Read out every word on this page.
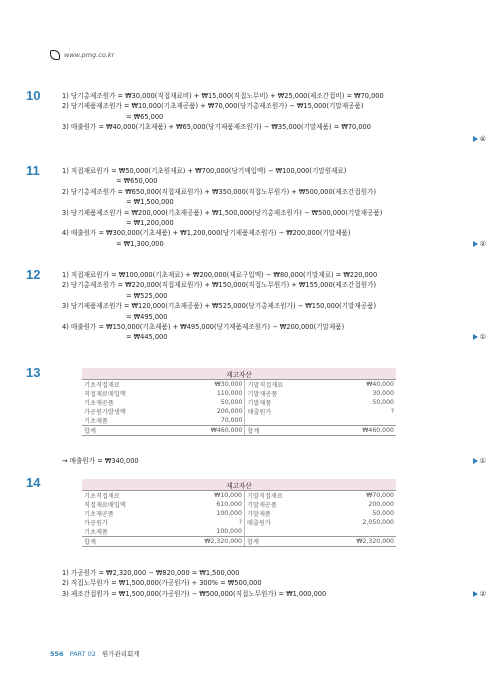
www.pmg.co.kr
10	1) 당기총제조원가 = ₩30,000(직접재료비) + ₩15,000(직접노무비) + ₩25,000(제조간접비) = ₩70,000
2) 당기제품제조원가 = ₩10,000(기초재공품) + ₩70,000(당기총제조원가) − ₩15,000(기말재공품)
= ₩65,000
3) 매출원가 = ₩40,000(기초제품) + ₩65,000(당기제품제조원가) − ₩35,000(기말제품) = ₩70,000
④

11	1) 직접재료원가 = ₩50,000(기초원재료) + ₩700,000(당기매입액) − ₩100,000(기말원재료)
= ₩650,000
2) 당기총제조원가 = ₩650,000(직접재료원가) + ₩350,000(직접노무원가) + ₩500,000(제조간접원가)
= ₩1,500,000
3) 당기제품제조원가 = ₩200,000(기초재공품) + ₩1,500,000(당기총제조원가) − ₩500,000(기말재공품)
= ₩1,200,000
4) 매출원가 = ₩300,000(기초제품) + ₩1,200,000(당기제품제조원가) − ₩200,000(기말제품)
= ₩1,300,000	②
12	1) 직접재료원가 = ₩100,000(기초재료) + ₩200,000(재료구입액) − ₩80,000(기말재료) = ₩220,000
2) 당기총제조원가 = ₩220,000(직접재료원가) + ₩150,000(직접노무원가) + ₩155,000(제조간접원가)
= ₩525,000
3) 당기제품제조원가 = ₩120,000(기초재공품) + ₩525,000(당기총제조원가) − ₩150,000(기말재공품)
= ₩495,000
4) 매출원가 = ₩150,000(기초제품) + ₩495,000(당기제품제조원가) − ₩200,000(기말제품)
= ₩445,000	①
13	재고자산			
기초직접재료	₩30,000	기말직접재료	₩40,000
직접재료매입액	110,000	기말재공품	30,000
기초재공품	50,000	기말제품	50,000
가공원가발생액	200,000	매출원가	?
기초제품	70,000		
합계	₩460,000	합계	₩460,000
→ 매출원가 = ₩340,000	①
14	재고자산			
기초직접재료	₩10,000	기말직접재료	₩70,000
직접재료매입액	610,000	기말재공품	200,000
기초재공품	100,000	기말제품	50,000
가공원가	?	매출원가	2,050,000
기초제품	100,000		
합계	₩2,320,000	합계	₩2,320,000
1) 가공원가 = ₩2,320,000 − ₩820,000 = ₩1,500,000
2) 직접노무원가 = ₩1,500,000(가공원가) ÷ 300% = ₩500,000
3) 제조간접원가 = ₩1,500,000(가공원가) − ₩500,000(직접노무원가) = ₩1,000,000	②
556 PART 02 원가관리회계
